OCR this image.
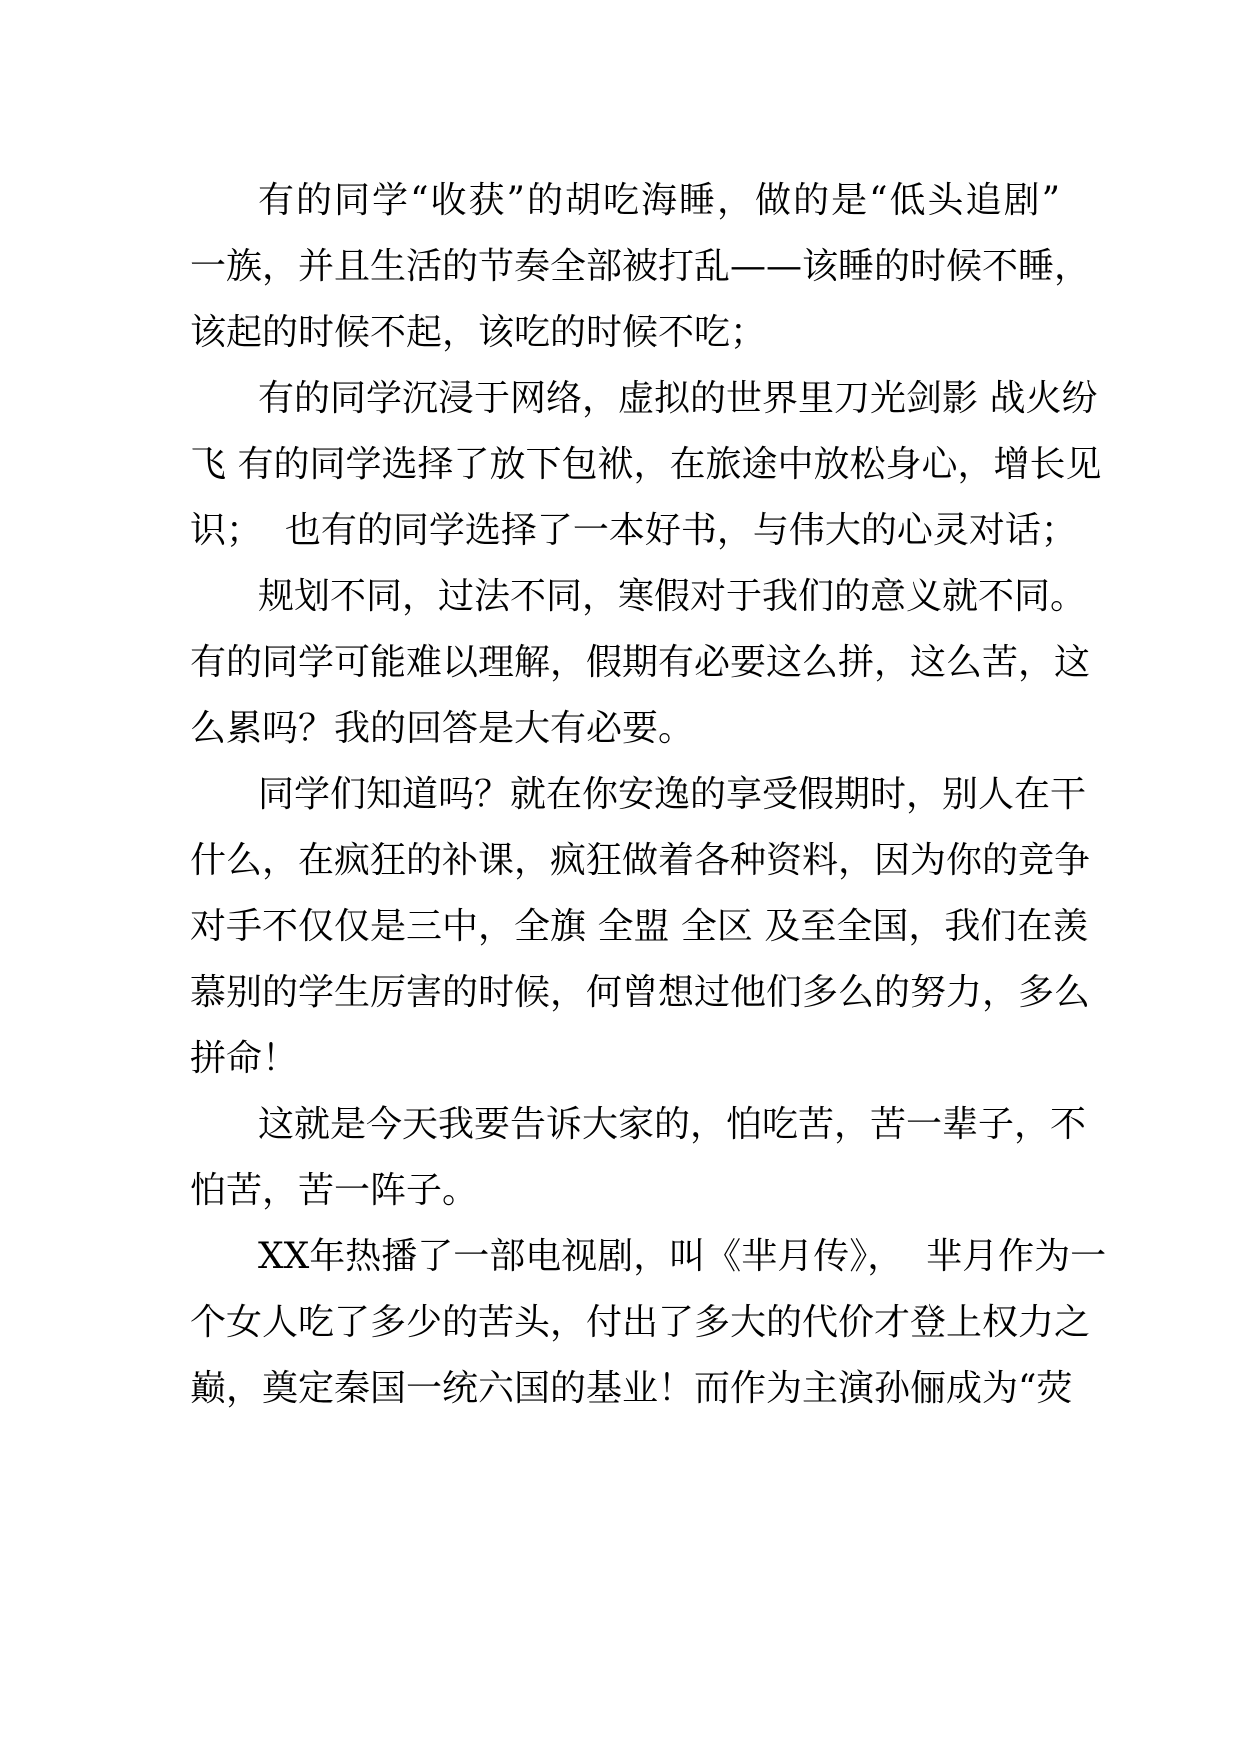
有的同学“收获”的胡吃海睡，做的是“低头追剧”

一族，并且生活的节奏全部被打乱——该睡的时候不睡，

该起的时候不起，该吃的时候不吃；

有的同学沉浸于网络，虚拟的世界里刀光剑影 战火纷

飞 有的同学选择了放下包袱，在旅途中放松身心，增长见

识；  也有的同学选择了一本好书，与伟大的心灵对话；

规划不同，过法不同，寒假对于我们的意义就不同。

有的同学可能难以理解，假期有必要这么拼，这么苦，这

么累吗？我的回答是大有必要。

同学们知道吗？就在你安逸的享受假期时，别人在干

什么，在疯狂的补课，疯狂做着各种资料，因为你的竞争

对手不仅仅是三中，全旗 全盟 全区 及至全国，我们在羡

慕别的学生厉害的时候，何曾想过他们多么的努力，多么

拼命！

这就是今天我要告诉大家的，怕吃苦，苦一辈子，不

怕苦，苦一阵子。

XX年热播了一部电视剧，叫《芈月传》，  芈月作为一

个女人吃了多少的苦头，付出了多大的代价才登上权力之

巅，奠定秦国一统六国的基业！而作为主演孙俪成为“荧
